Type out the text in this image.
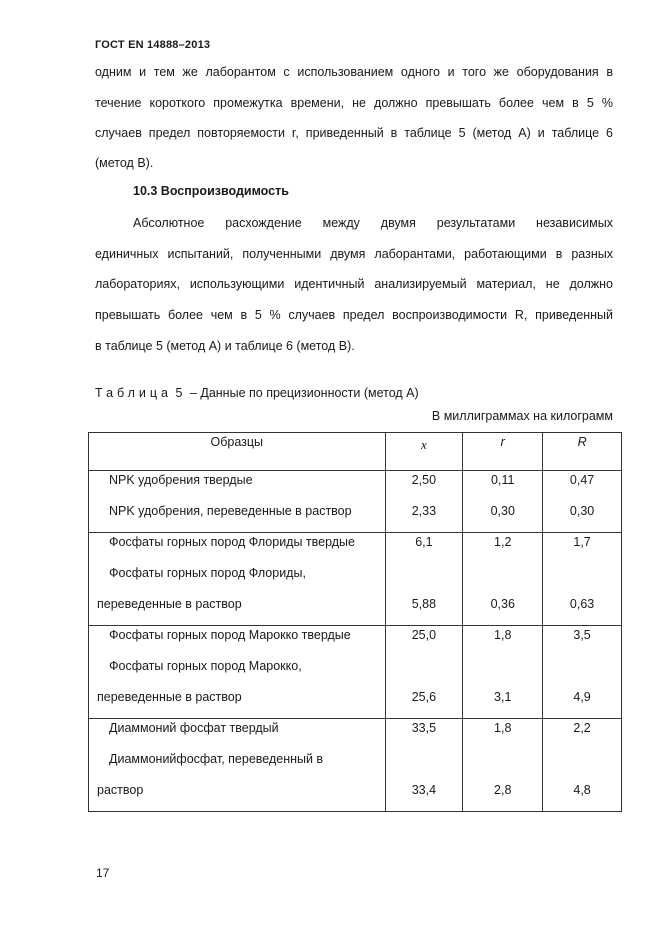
ГОСТ EN 14888–2013
одним и тем же лаборантом с использованием одного и того же оборудования в
течение короткого промежутка времени, не должно превышать более чем в 5 %
случаев предел повторяемости r, приведенный в таблице 5 (метод А) и таблице 6
(метод В).
10.3 Воспроизводимость
Абсолютное расхождение между двумя результатами независимых
единичных испытаний, полученными двумя лаборантами, работающими в разных
лабораториях, использующими идентичный анализируемый материал, не должно
превышать более чем в 5 % случаев предел воспроизводимости R, приведенный
в таблице 5 (метод А) и таблице 6 (метод В).
Таблица 5 – Данные по прецизионности (метод А)
В миллиграммах на килограмм
Образцы	x	r	R
NPK удобрения твердые	2,50	0,11	0,47
NPK удобрения, переведенные в раствор	2,33	0,30	0,30
Фосфаты горных пород Флориды твердые	6,1	1,2	1,7
Фосфаты горных пород Флориды,			
переведенные в раствор	5,88	0,36	0,63
Фосфаты горных пород Марокко твердые	25,0	1,8	3,5
Фосфаты горных пород Марокко,			
переведенные в раствор	25,6	3,1	4,9
Диаммоний фосфат твердый	33,5	1,8	2,2
Диаммонийфосфат, переведенный в			
раствор	33,4	2,8	4,8
17
